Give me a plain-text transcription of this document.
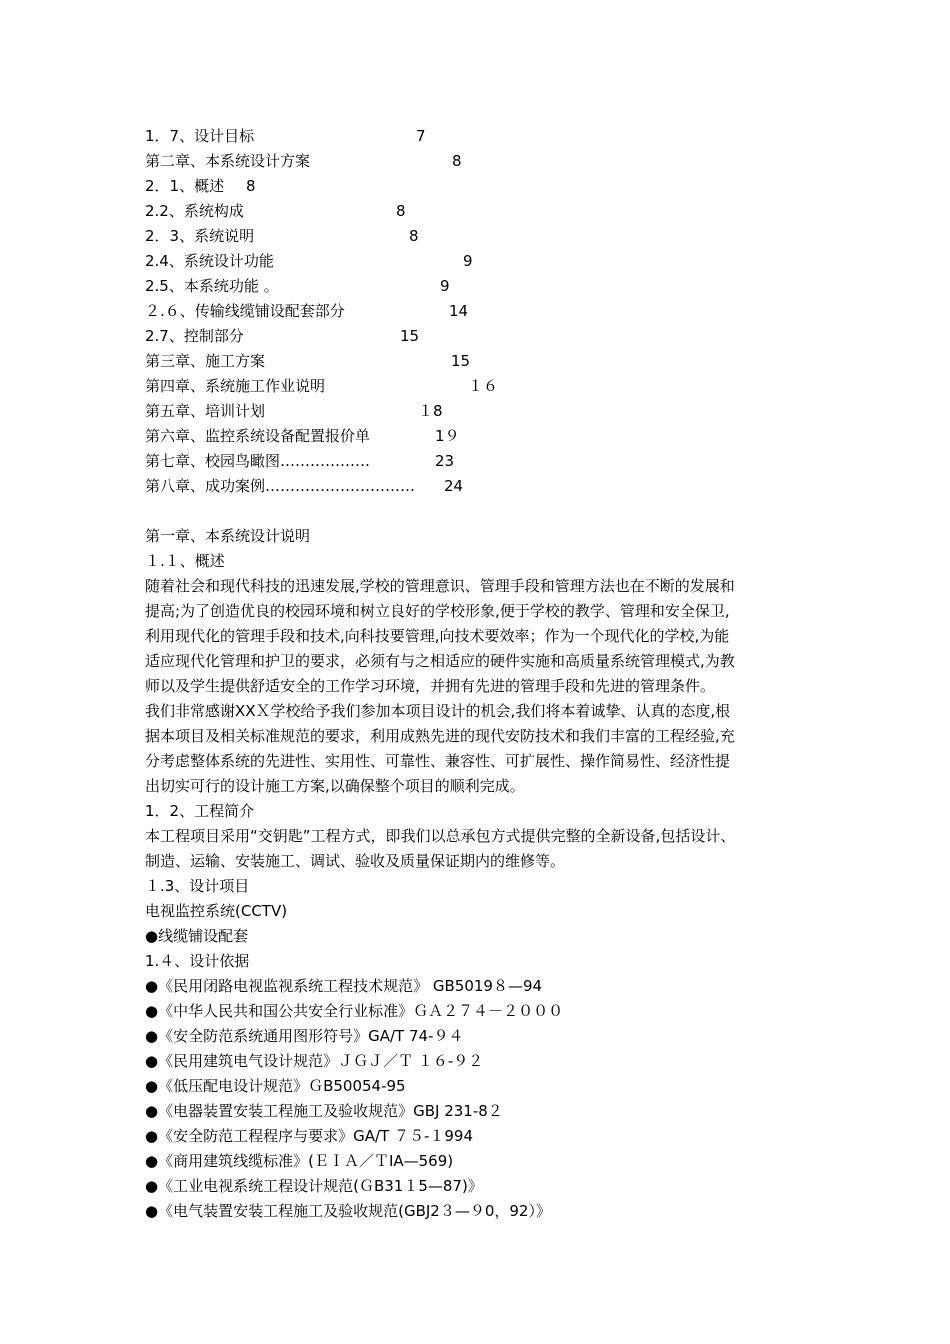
1．7、设计目标	7
第二章、本系统设计方案	8
2．1、概述 8
2.2、系统构成	8
2．3、系统说明	8
2.4、系统设计功能	9
2.5、本系统功能 。	9
２.６、传输线缆铺设配套部分	14
2.7、控制部分	15
第三章、施工方案	15
第四章、系统施工作业说明	１６
第五章、培训计划	１8
第六章、监控系统设备配置报价单	1９
第七章、校园鸟瞰图………………	23
第八章、成功案例………………………… 24
第一章、本系统设计说明
１.１、概述
随着社会和现代科技的迅速发展,学校的管理意识、管理手段和管理方法也在不断的发展和
提高;为了创造优良的校园环境和树立良好的学校形象,便于学校的教学、管理和安全保卫,
利用现代化的管理手段和技术,向科技要管理,向技术要效率；作为一个现代化的学校,为能
适应现代化管理和护卫的要求，必须有与之相适应的硬件实施和高质量系统管理模式,为教
师以及学生提供舒适安全的工作学习环境，并拥有先进的管理手段和先进的管理条件。
我们非常感谢XXＸ学校给予我们参加本项目设计的机会,我们将本着诚挚、认真的态度,根
据本项目及相关标准规范的要求，利用成熟先进的现代安防技术和我们丰富的工程经验,充
分考虑整体系统的先进性、实用性、可靠性、兼容性、可扩展性、操作简易性、经济性提
出切实可行的设计施工方案,以确保整个项目的顺利完成。
1．2、工程简介
本工程项目采用“交钥匙”工程方式，即我们以总承包方式提供完整的全新设备,包括设计、
制造、运输、安装施工、调试、验收及质量保证期内的维修等。
１.3、设计项目
电视监控系统(CCTV)
●线缆铺设配套
1.４、设计依据
●《民用闭路电视监视系统工程技术规范》 GB5019８—94
●《中华人民共和国公共安全行业标准》ＧＡ２７４－２０００
●《安全防范系统通用图形符号》GA/T 74-９４
●《民用建筑电气设计规范》ＪＧＪ／Ｔ １６-９２
●《低压配电设计规范》ＧB50054-95
●《电器装置安装工程施工及验收规范》GBJ 231-8２
●《安全防范工程程序与要求》GA/T ７５-１994
●《商用建筑线缆标准》(ＥＩＡ／ＴIA—569)
●《工业电视系统工程设计规范(ＧB31１5—87)》
●《电气装置安装工程施工及验收规范(GBJ2３—９0，92）》
